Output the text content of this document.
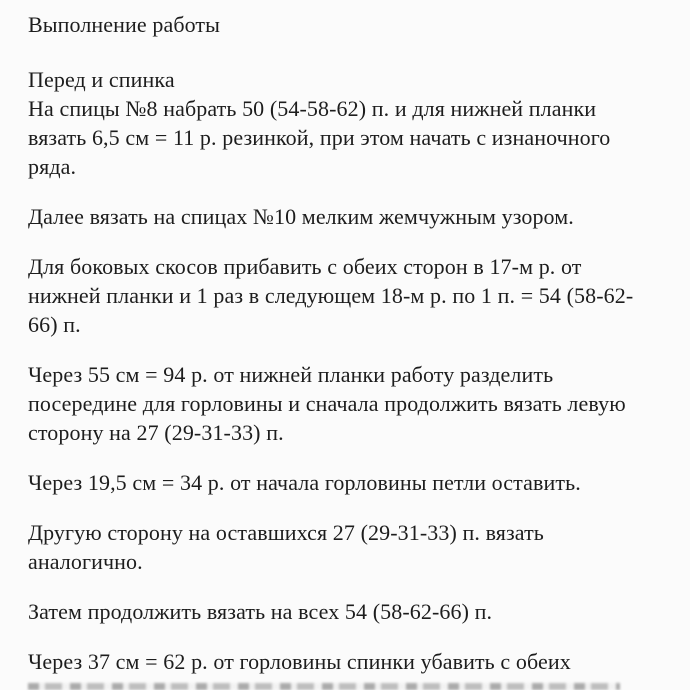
Выполнение работы
Перед и спинка
На спицы №8 набрать 50 (54-58-62) п. и для нижней планки
вязать 6,5 см = 11 р. резинкой, при этом начать с изнаночного
ряда.
Далее вязать на спицах №10 мелким жемчужным узором.
Для боковых скосов прибавить с обеих сторон в 17-м р. от
нижней планки и 1 раз в следующем 18-м р. по 1 п. = 54 (58-62-
66) п.
Через 55 см = 94 р. от нижней планки работу разделить
посередине для горловины и сначала продолжить вязать левую
сторону на 27 (29-31-33) п.
Через 19,5 см = 34 р. от начала горловины петли оставить.
Другую сторону на оставшихся 27 (29-31-33) п. вязать
аналогично.
Затем продолжить вязать на всех 54 (58-62-66) п.
Через 37 см = 62 р. от горловины спинки убавить с обеих
